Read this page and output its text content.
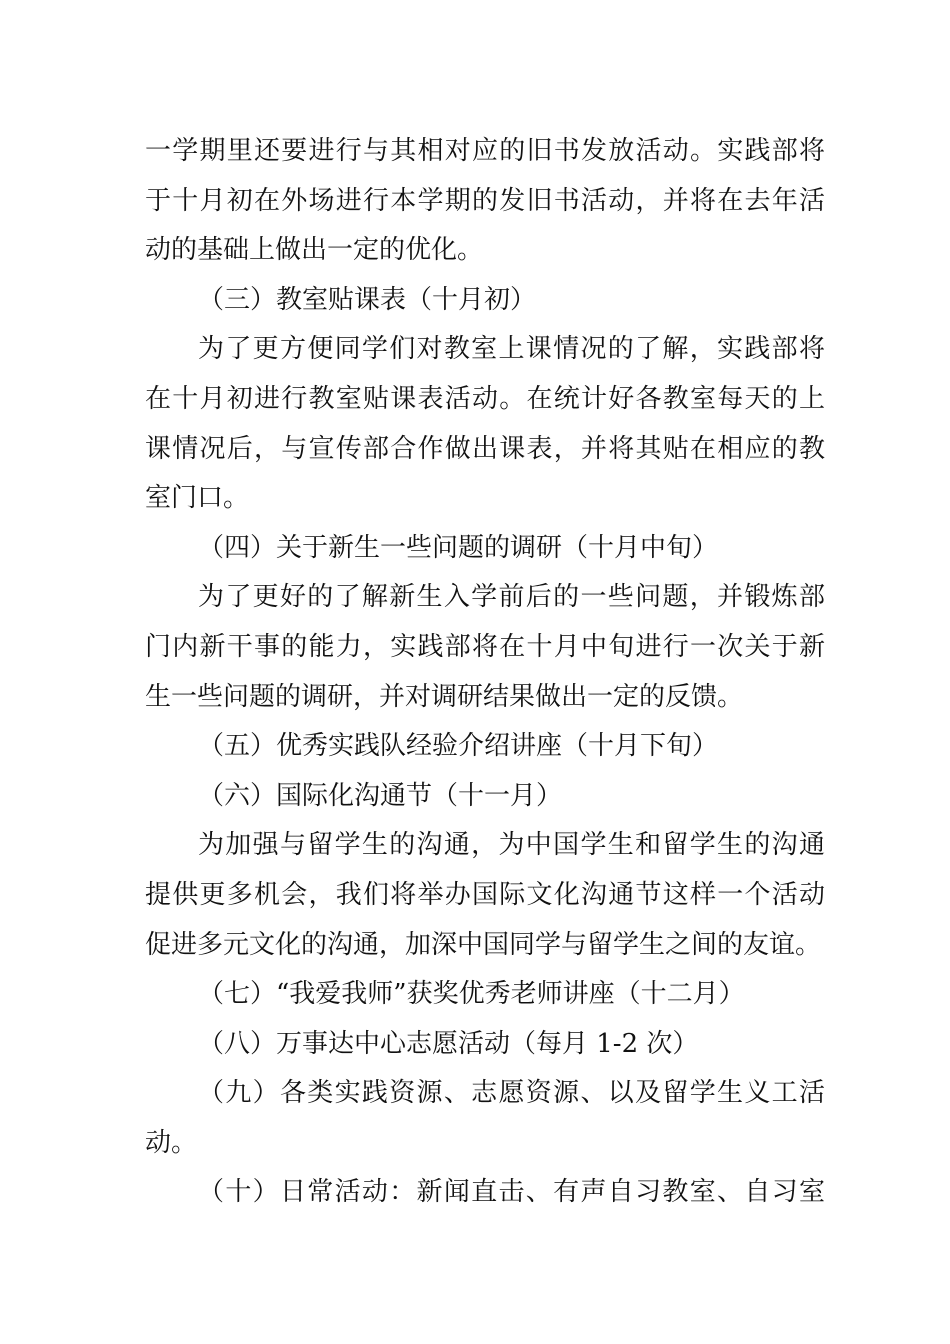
一学期里还要进行与其相对应的旧书发放活动。实践部将
于十月初在外场进行本学期的发旧书活动，并将在去年活
动的基础上做出一定的优化。
（三）教室贴课表（十月初）
为了更方便同学们对教室上课情况的了解，实践部将
在十月初进行教室贴课表活动。在统计好各教室每天的上
课情况后，与宣传部合作做出课表，并将其贴在相应的教
室门口。
（四）关于新生一些问题的调研（十月中旬）
为了更好的了解新生入学前后的一些问题，并锻炼部
门内新干事的能力，实践部将在十月中旬进行一次关于新
生一些问题的调研，并对调研结果做出一定的反馈。
（五）优秀实践队经验介绍讲座（十月下旬）
（六）国际化沟通节（十一月）
为加强与留学生的沟通，为中国学生和留学生的沟通
提供更多机会，我们将举办国际文化沟通节这样一个活动
促进多元文化的沟通，加深中国同学与留学生之间的友谊。
（七）“我爱我师”获奖优秀老师讲座（十二月）
（八）万事达中心志愿活动（每月 1-2 次）
（九）各类实践资源、志愿资源、以及留学生义工活
动。
（十）日常活动：新闻直击、有声自习教室、自习室
